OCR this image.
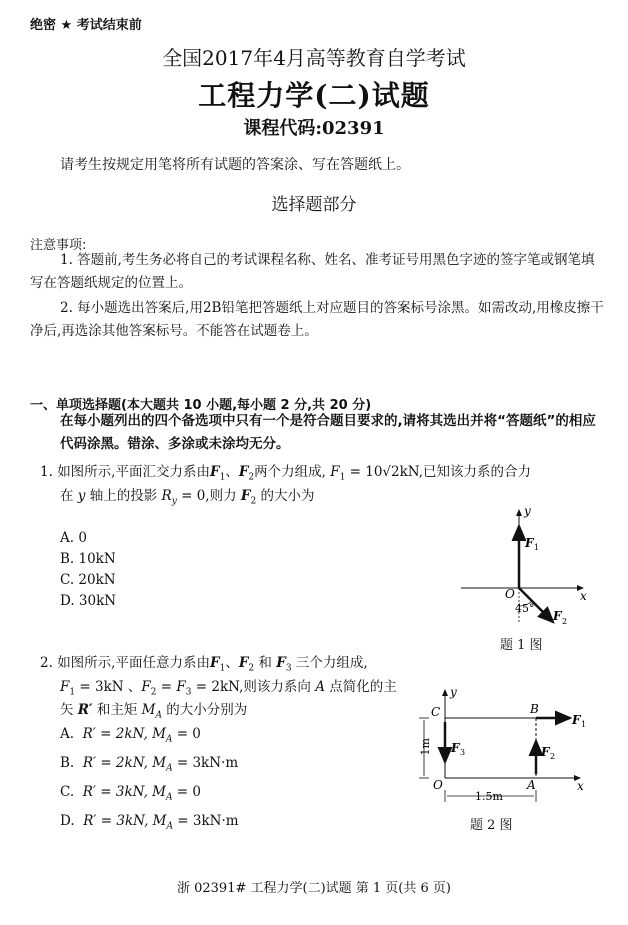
绝密 ★ 考试结束前
全国2017年4月高等教育自学考试
工程力学(二)试题
课程代码:02391
请考生按规定用笔将所有试题的答案涂、写在答题纸上。
选择题部分
注意事项:
1. 答题前,考生务必将自己的考试课程名称、姓名、准考证号用黑色字迹的签字笔或钢笔填写在答题纸规定的位置上。
2. 每小题选出答案后,用2B铅笔把答题纸上对应题目的答案标号涂黑。如需改动,用橡皮擦干净后,再选涂其他答案标号。不能答在试题卷上。
一、单项选择题(本大题共 10 小题,每小题 2 分,共 20 分)
在每小题列出的四个备选项中只有一个是符合题目要求的,请将其选出并将“答题纸”的相应代码涂黑。错涂、多涂或未涂均无分。
1. 如图所示,平面汇交力系由$F_1$、$F_2$两个力组成, $F_1 = 10√2kN$,已知该力系的合力
在 y 轴上的投影 $R_y = 0$,则力 $F_2$ 的大小为
A. 0
B. 10kN
C. 20kN
D. 30kN
y
x
O
45°
F 1
F 2
题 1 图
2. 如图所示,平面任意力系由$F_1$、$F_2$ 和 $F_3$ 三个力组成,
$F_1 = 3kN$ 、$F_2 = F_3 = 2kN$,则该力系向 A 点简化的主
矢 R′ 和主矩 $M_A$ 的大小分别为
A. R′ = 2kN, $M_A = 0$
B. R′ = 2kN, $M_A = 3kN\cdot m$
C. R′ = 3kN, $M_A = 0$
D. R′ = 3kN, $M_A = 3kN\cdot m$
y
x
O
C	B
A
F 1
F 2
F 3
1m
1.5m
题 2 图
浙 02391# 工程力学(二)试题 第 1 页(共 6 页)
